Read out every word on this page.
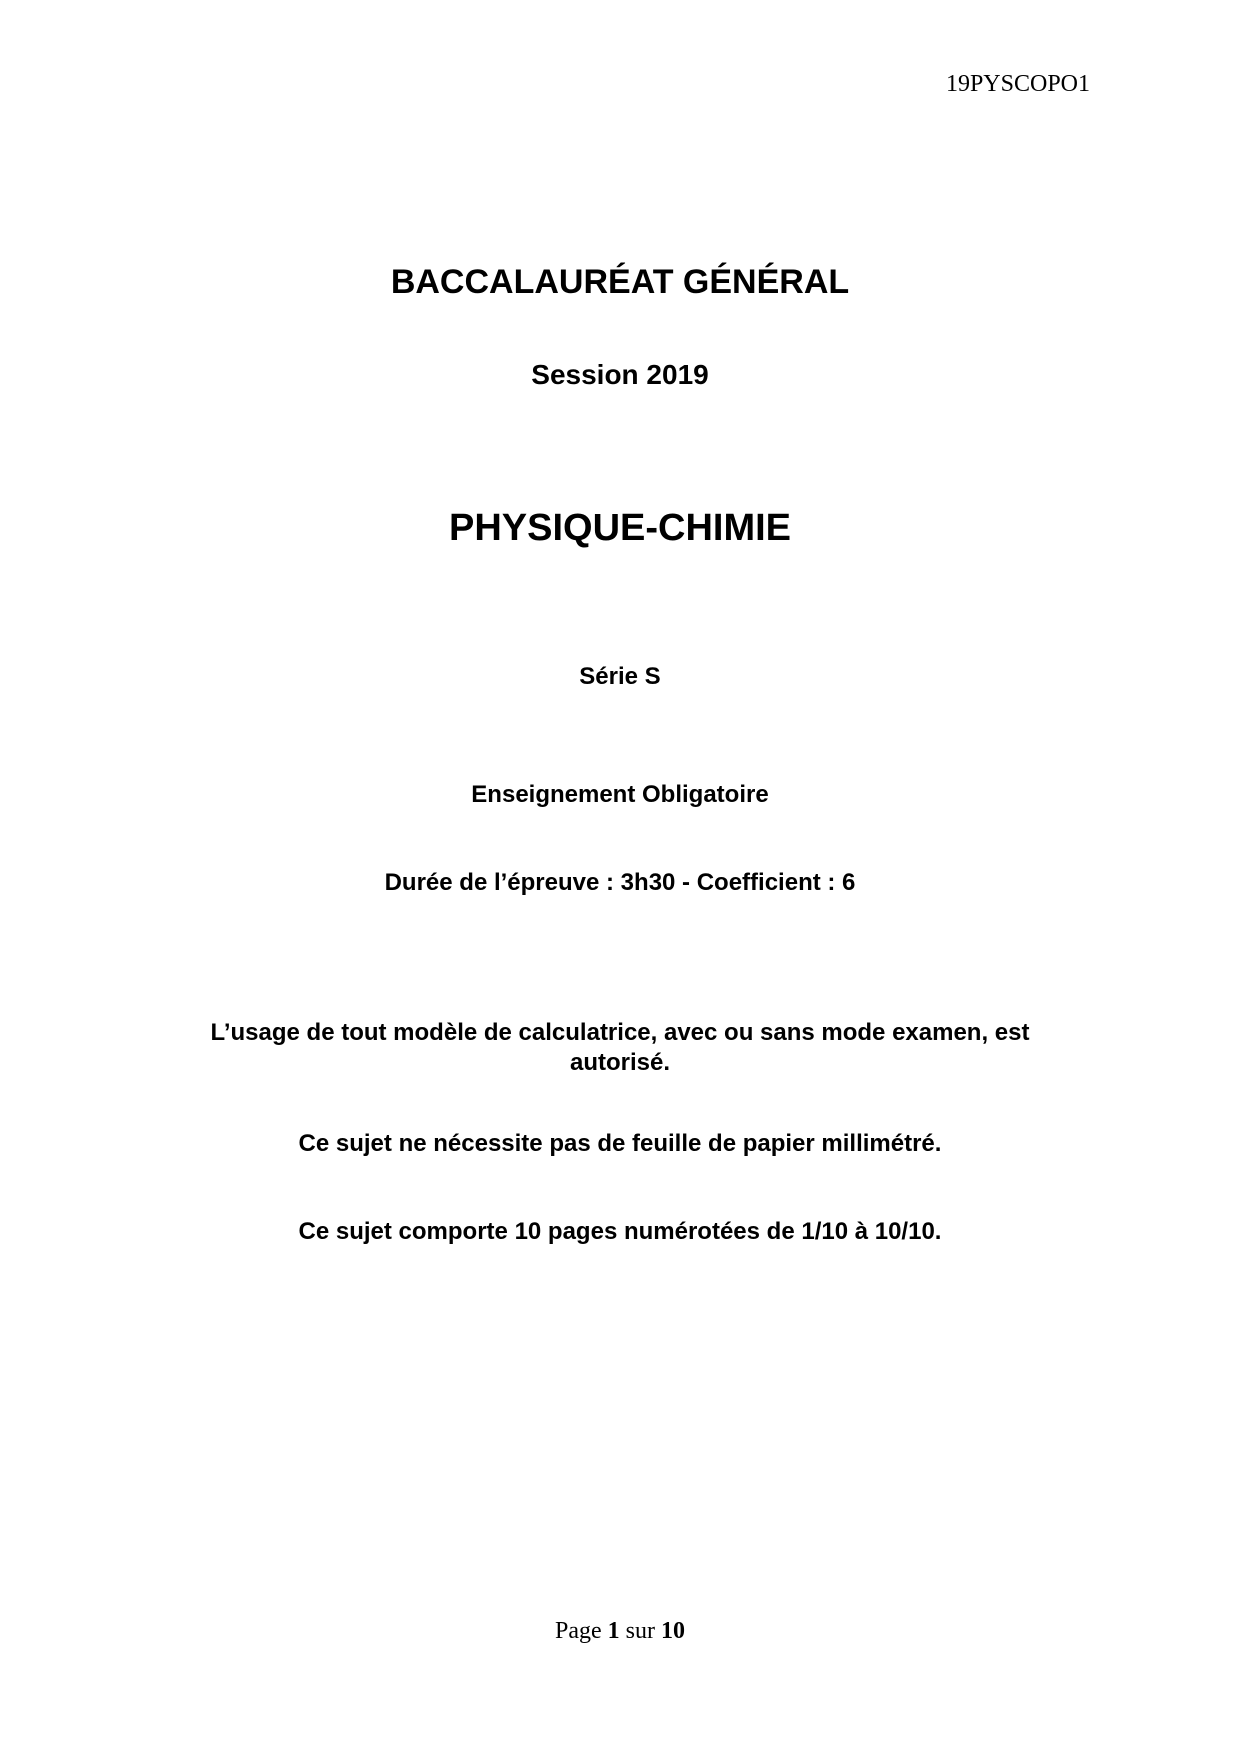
19PYSCOPO1
BACCALAURÉAT GÉNÉRAL
Session 2019
PHYSIQUE-CHIMIE
Série S
Enseignement Obligatoire
Durée de l’épreuve : 3h30 - Coefficient : 6
L’usage de tout modèle de calculatrice, avec ou sans mode examen, est
autorisé.
Ce sujet ne nécessite pas de feuille de papier millimétré.
Ce sujet comporte 10 pages numérotées de 1/10 à 10/10.
Page 1 sur 10
